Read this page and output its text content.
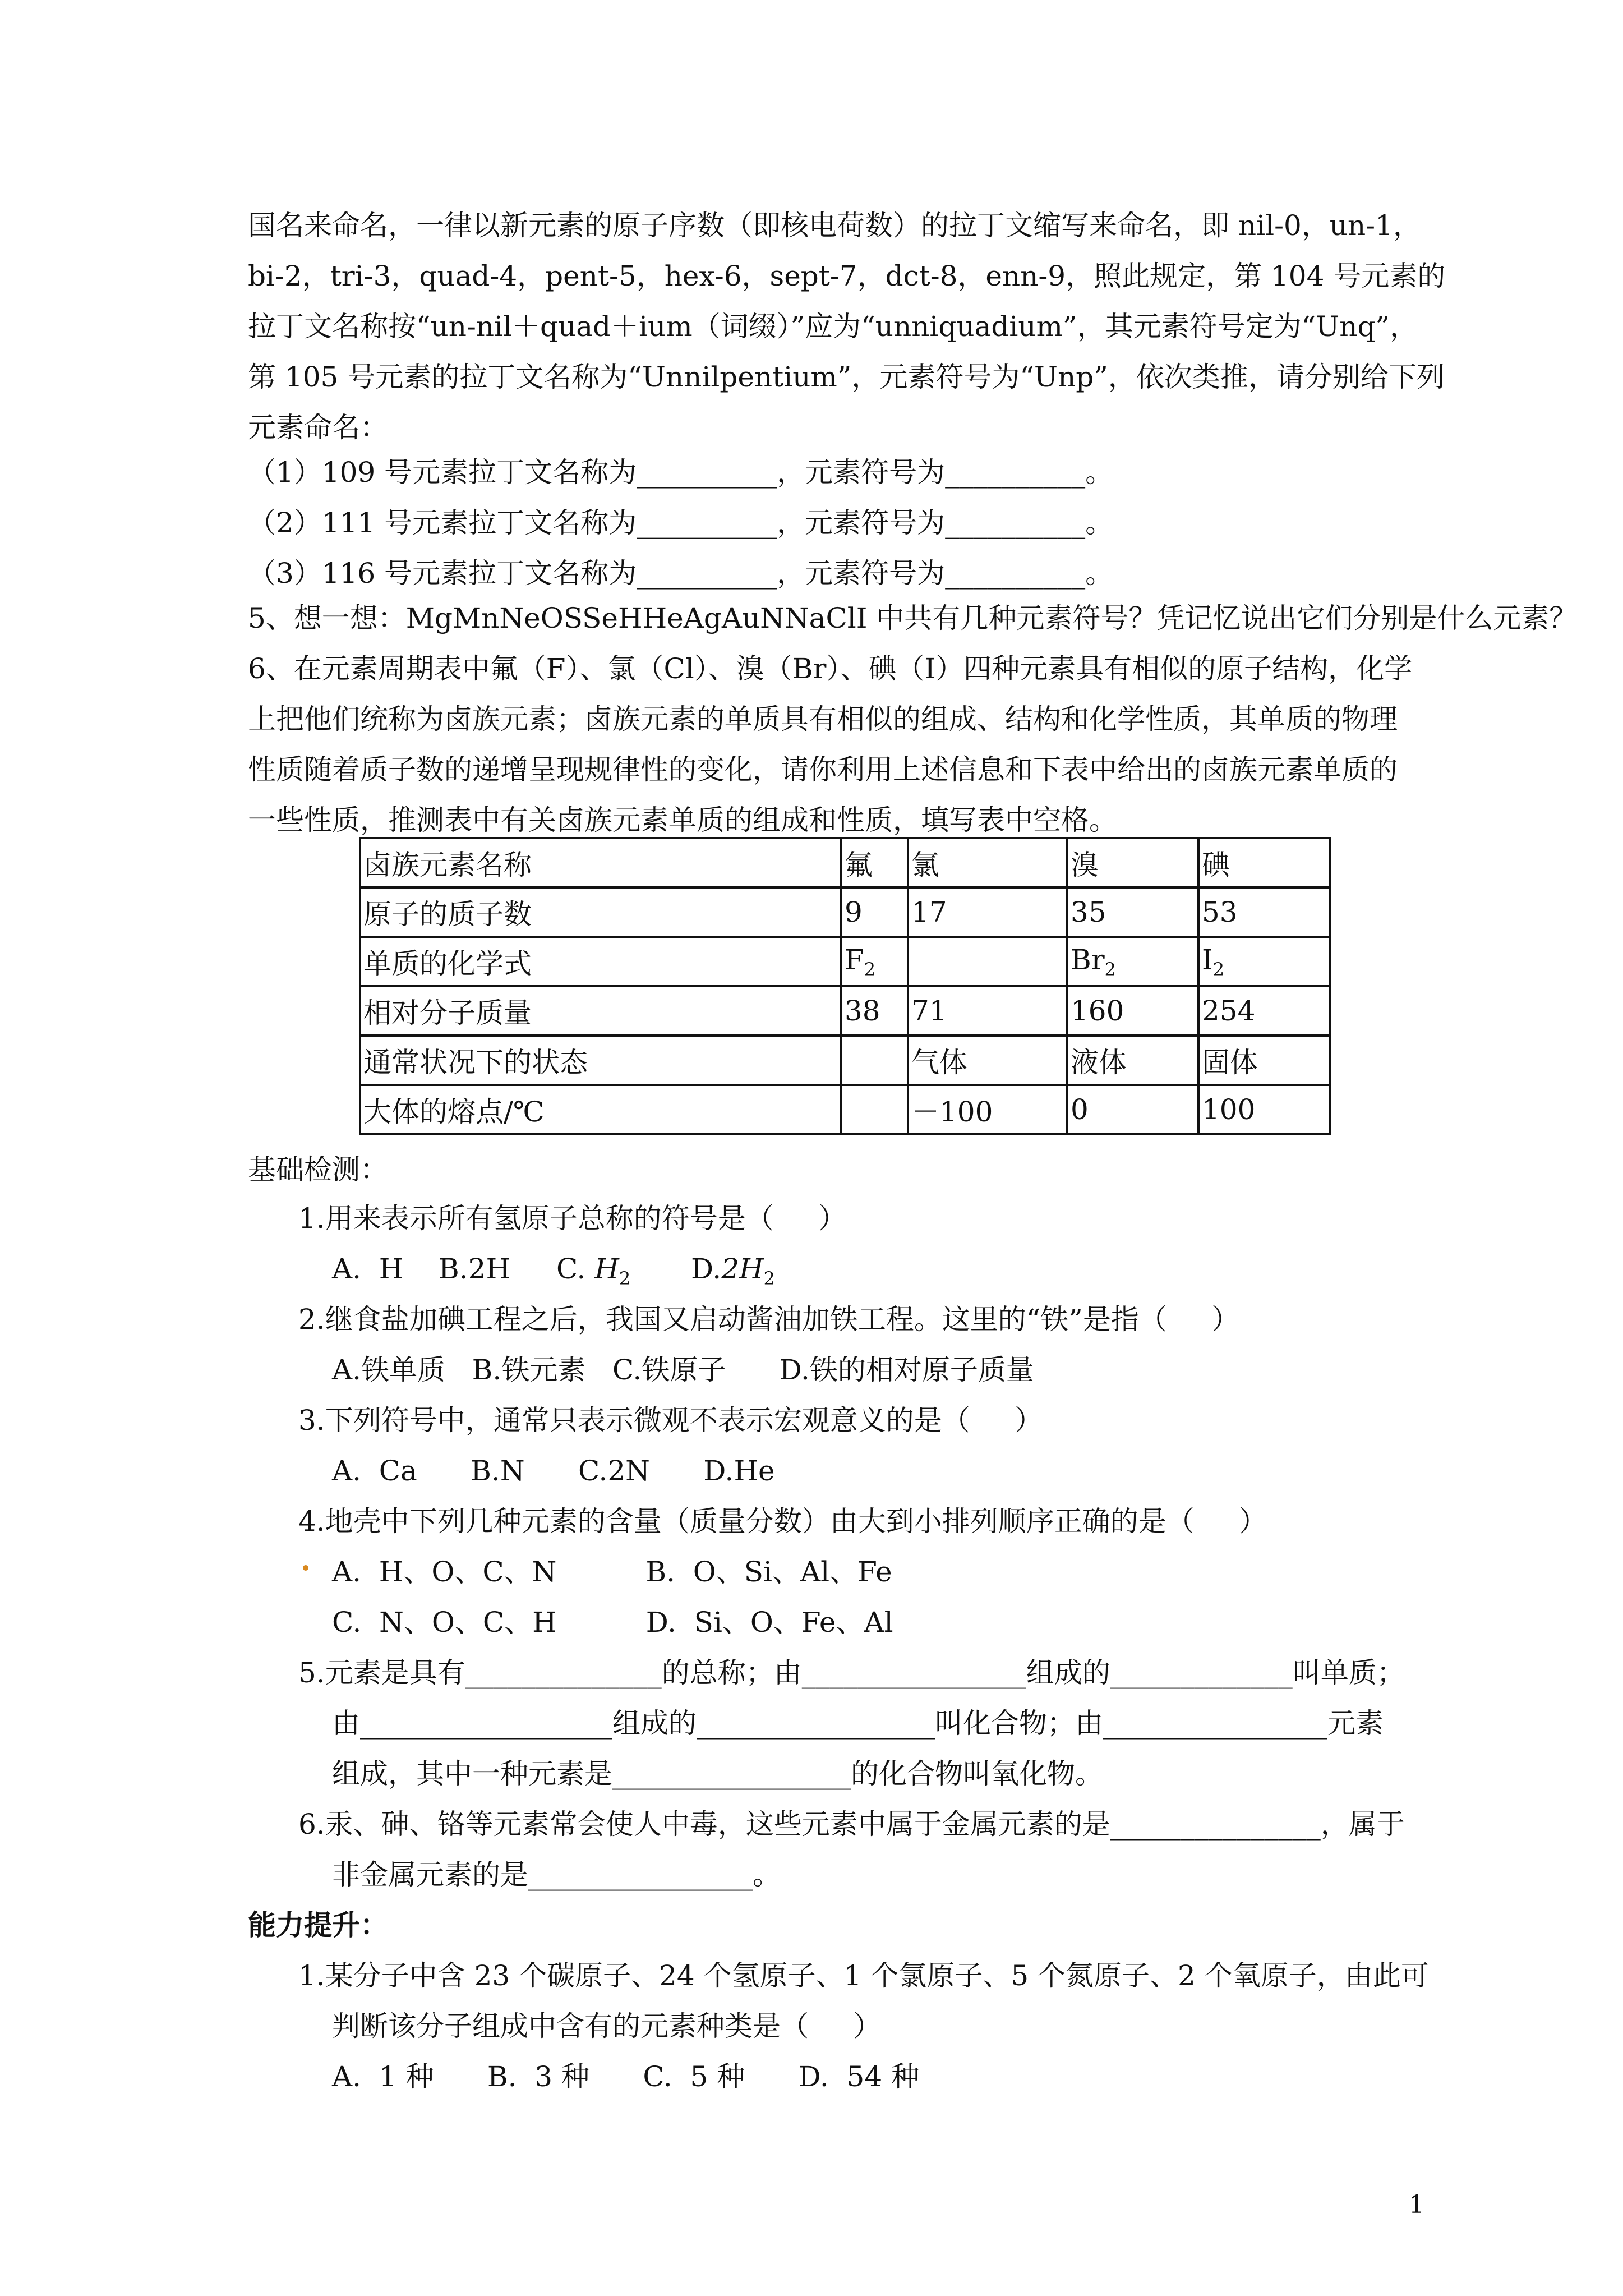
国名来命名，一律以新元素的原子序数（即核电荷数）的拉丁文缩写来命名，即 nil-0，un-1，
bi-2，tri-3，quad-4，pent-5，hex-6，sept-7，dct-8，enn-9，照此规定，第 104 号元素的
拉丁文名称按“un-nil＋quad＋ium（词缀）”应为“unniquadium”，其元素符号定为“Unq”，
第 105 号元素的拉丁文名称为“Unnilpentium”，元素符号为“Unp”，依次类推，请分别给下列
元素命名：
（1）109 号元素拉丁文名称为__________，元素符号为__________。
（2）111 号元素拉丁文名称为__________，元素符号为__________。
（3）116 号元素拉丁文名称为__________，元素符号为__________。
5、想一想：MgMnNeOSSeHHeAgAuNNaClI 中共有几种元素符号？凭记忆说出它们分别是什么元素？
6、在元素周期表中氟（F）、氯（Cl）、溴（Br）、碘（I）四种元素具有相似的原子结构，化学
上把他们统称为卤族元素；卤族元素的单质具有相似的组成、结构和化学性质，其单质的物理
性质随着质子数的递增呈现规律性的变化，请你利用上述信息和下表中给出的卤族元素单质的
一些性质，推测表中有关卤族元素单质的组成和性质，填写表中空格。
卤族元素名称	氟	氯	溴	碘
原子的质子数	9	17	35	53
单质的化学式	$F_2$		$Br_2$	$I_2$
相对分子质量	38	71	160	254
通常状况下的状态		气体	液体	固体
大体的熔点/℃		－100	0	100
基础检测：
1.用来表示所有氢原子总称的符号是（     ）
A.  H B.2H C. $H_2$ $D.2H_2$
2.继食盐加碘工程之后，我国又启动酱油加铁工程。这里的“铁”是指（     ）
A.铁单质   B.铁元素   C.铁原子      D.铁的相对原子质量
3.下列符号中，通常只表示微观不表示宏观意义的是（     ）
A.  Ca      B.N      C.2N      D.He
4.地壳中下列几种元素的含量（质量分数）由大到小排列顺序正确的是（     ）
A.  H、O、C、N          B.  O、Si、Al、Fe
C.  N、O、C、H          D.  Si、O、Fe、Al
5.元素是具有______________的总称；由________________组成的_____________叫单质；
由__________________组成的_________________叫化合物；由________________元素
组成，其中一种元素是_________________的化合物叫氧化物。
6.汞、砷、铬等元素常会使人中毒，这些元素中属于金属元素的是_______________，属于
非金属元素的是________________。
能力提升：
1.某分子中含 23 个碳原子、24 个氢原子、1 个氯原子、5 个氮原子、2 个氧原子，由此可
判断该分子组成中含有的元素种类是（     ）
A.  1 种      B.  3 种      C.  5 种      D.  54 种
1
